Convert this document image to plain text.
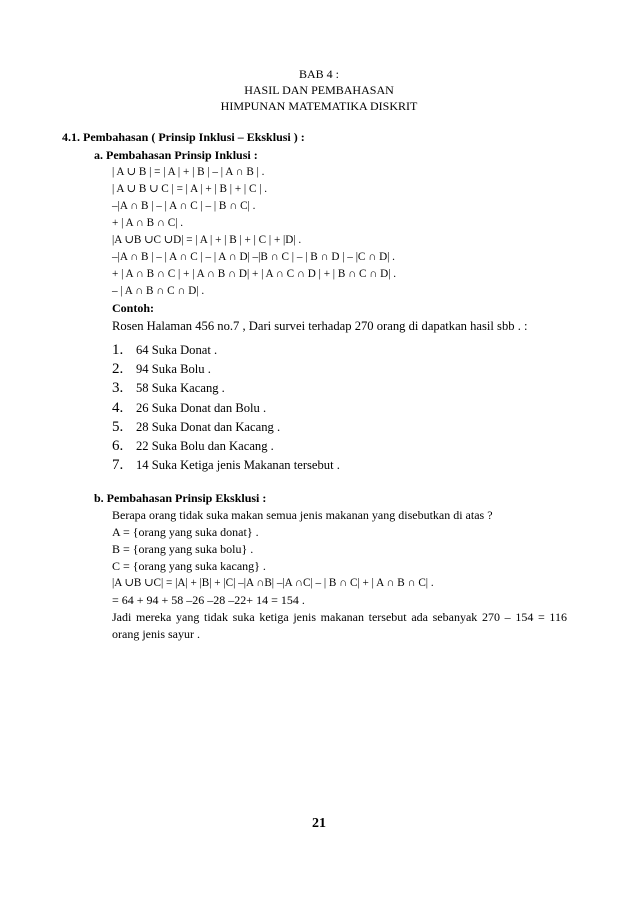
BAB 4 :
HASIL DAN PEMBAHASAN
HIMPUNAN MATEMATIKA DISKRIT
4.1. Pembahasan ( Prinsip Inklusi – Eksklusi ) :
a. Pembahasan Prinsip Inklusi :
| A ∪ B | = | A | + | B | – | A ∩ B | .
| A ∪ B ∪ C | = | A | + | B | + | C | .
–|A ∩ B | – | A ∩ C | – | B ∩ C| .
+ | A ∩ B ∩ C| .
|A ∪B ∪C ∪D| = | A | + | B | + | C | + |D| .
–|A ∩ B | – | A ∩ C | – | A ∩ D| –|B ∩ C | – | B ∩ D | – |C ∩ D| .
+ | A ∩ B ∩ C | + | A ∩ B ∩ D| + | A ∩ C ∩ D | + | B ∩ C ∩ D| .
– | A ∩ B ∩ C ∩ D| .
Contoh:
Rosen Halaman 456 no.7 , Dari survei terhadap 270 orang di dapatkan hasil sbb . :
1. 64 Suka Donat .
2. 94 Suka Bolu .
3. 58 Suka Kacang .
4. 26 Suka Donat dan Bolu .
5. 28 Suka Donat dan Kacang .
6. 22 Suka Bolu dan Kacang .
7. 14 Suka Ketiga jenis Makanan tersebut .
b. Pembahasan Prinsip Eksklusi :
Berapa orang tidak suka makan semua jenis makanan yang disebutkan di atas ?
A = {orang yang suka donat} .
B = {orang yang suka bolu} .
C = {orang yang suka kacang} .
|A ∪B ∪C| = |A| + |B| + |C| –|A ∩B| –|A ∩C| – | B ∩ C| + | A ∩ B ∩ C| .
= 64 + 94 + 58 –26 –28 –22+ 14 = 154 .
Jadi mereka yang tidak suka ketiga jenis makanan tersebut ada sebanyak 270 – 154 = 116 orang jenis sayur .
21
